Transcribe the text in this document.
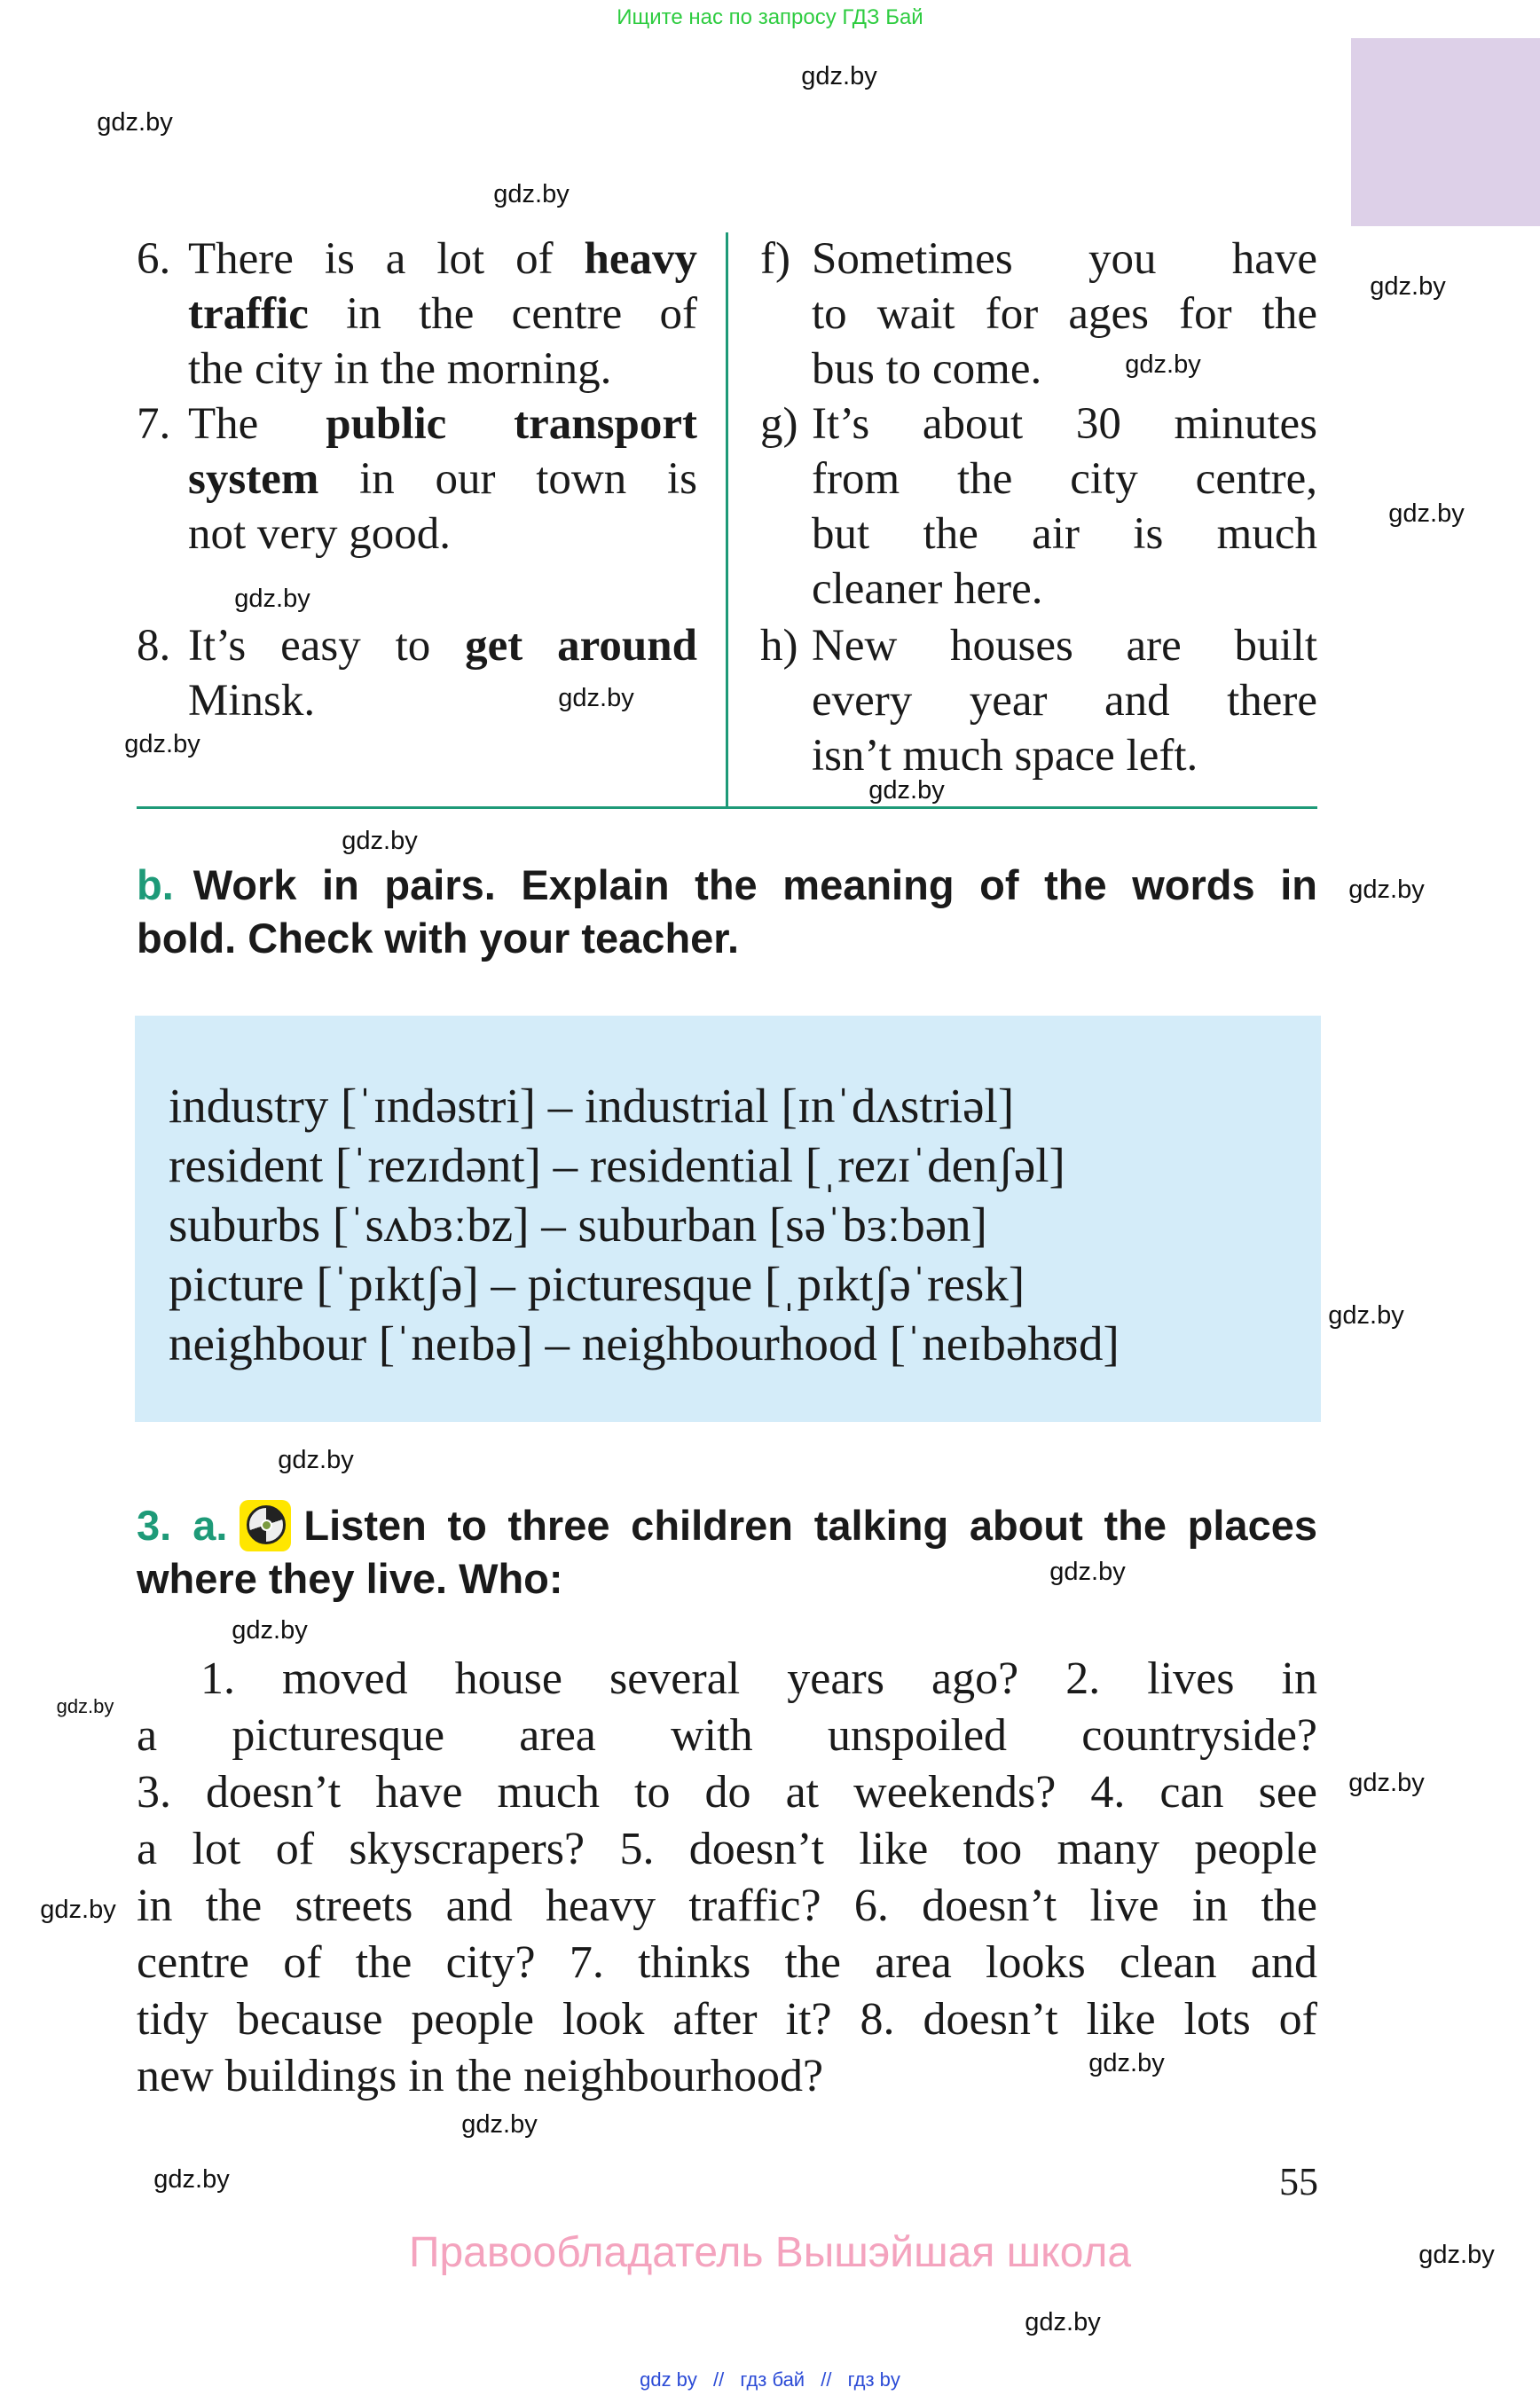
Ищите нас по запросу ГДЗ Бай
6. There is a lot of heavy
traffic in the centre of
the city in the morning.
7. The public transport
system in our town is
not very good.
8. It’s easy to get around
Minsk.
f) Sometimes you have
to wait for ages for the
bus to come.
g) It’s about 30 minutes
from the city centre,
but the air is much
cleaner here.
h) New houses are built
every year and there
isn’t much space left.
b. Work in pairs. Explain the meaning of the words in
bold. Check with your teacher.
industry [ˈɪndəstri] – industrial [ɪnˈdʌstriəl]
resident [ˈrezɪdənt] – residential [ˌrezɪˈdenʃəl]
suburbs [ˈsʌbɜːbz] – suburban [səˈbɜːbən]
picture [ˈpɪktʃə] – picturesque [ˌpɪktʃəˈresk]
neighbour [ˈneɪbə] – neighbourhood [ˈneɪbəhʊd]
3. a. Listen to three children talking about the places
where they live. Who:
1. moved house several years ago? 2. lives in
a picturesque area with unspoiled countryside?
3. doesn’t have much to do at weekends? 4. can see
a lot of skyscrapers? 5. doesn’t like too many people
in the streets and heavy traffic? 6. doesn’t live in the
centre of the city? 7. thinks the area looks clean and
tidy because people look after it? 8. doesn’t like lots of
new buildings in the neighbourhood?
55
Правообладатель Вышэйшая школа
gdz by // гдз бай // гдз by
gdz.by
gdz.by
gdz.by
gdz.by
gdz.by
gdz.by
gdz.by
gdz.by
gdz.by
gdz.by
gdz.by
gdz.by
gdz.by
gdz.by
gdz.by
gdz.by
gdz.by
gdz.by
gdz.by
gdz.by
gdz.by
gdz.by
gdz.by
gdz.by
